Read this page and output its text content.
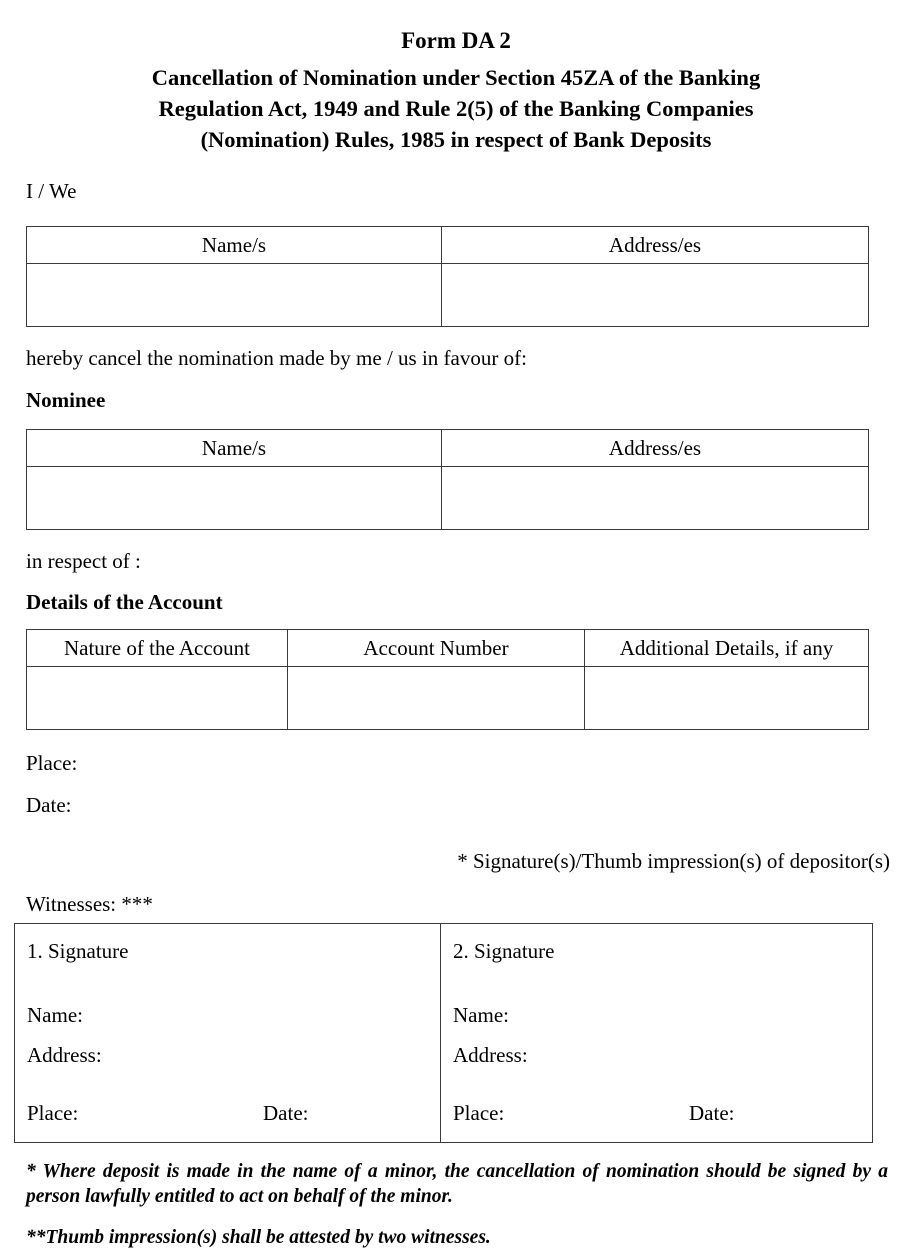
Form DA 2
Cancellation of Nomination under Section 45ZA of the Banking
Regulation Act, 1949 and Rule 2(5) of the Banking Companies
(Nomination) Rules, 1985 in respect of Bank Deposits
I / We
Name/s	Address/es

hereby cancel the nomination made by me / us in favour of:
Nominee
Name/s	Address/es

in respect of :
Details of the Account
Nature of the Account	Account Number	Additional Details, if any

Place:
Date:
* Signature(s)/Thumb impression(s) of depositor(s)
Witnesses: ***
1. Signature
Name:
Address:
Place:	Date:

2. Signature
Name:
Address:
Place:	Date:
* Where deposit is made in the name of a minor, the cancellation of nomination should be signed by a person lawfully entitled to act on behalf of the minor.
**Thumb impression(s) shall be attested by two witnesses.
